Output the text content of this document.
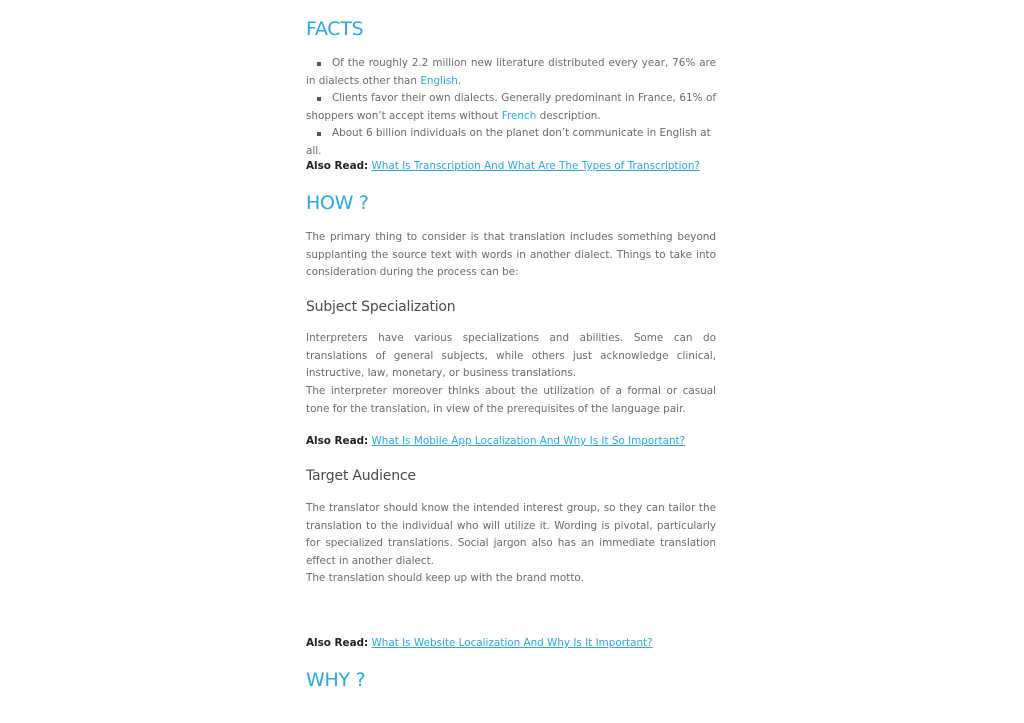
FACTS
Of the roughly 2.2 million new literature distributed every year, 76% are in dialects other than English.
Clients favor their own dialects. Generally predominant in France, 61% of shoppers won’t accept items without French description.
About 6 billion individuals on the planet don’t communicate in English at all.
Also Read: What Is Transcription And What Are The Types of Transcription?
HOW ?

The primary thing to consider is that translation includes something beyond supplanting the source text with words in another dialect. Things to take into consideration during the process can be:

Subject Specialization

Interpreters have various specializations and abilities. Some can do translations of general subjects, while others just acknowledge clinical, instructive, law, monetary, or business translations.

The interpreter moreover thinks about the utilization of a formal or casual tone for the translation, in view of the prerequisites of the language pair.

Also Read: What Is Mobile App Localization And Why Is It So Important?
Target Audience

The translator should know the intended interest group, so they can tailor the translation to the individual who will utilize it. Wording is pivotal, particularly for specialized translations. Social jargon also has an immediate translation effect in another dialect.

The translation should keep up with the brand motto.

Also Read: What Is Website Localization And Why Is It Important?
WHY ?
